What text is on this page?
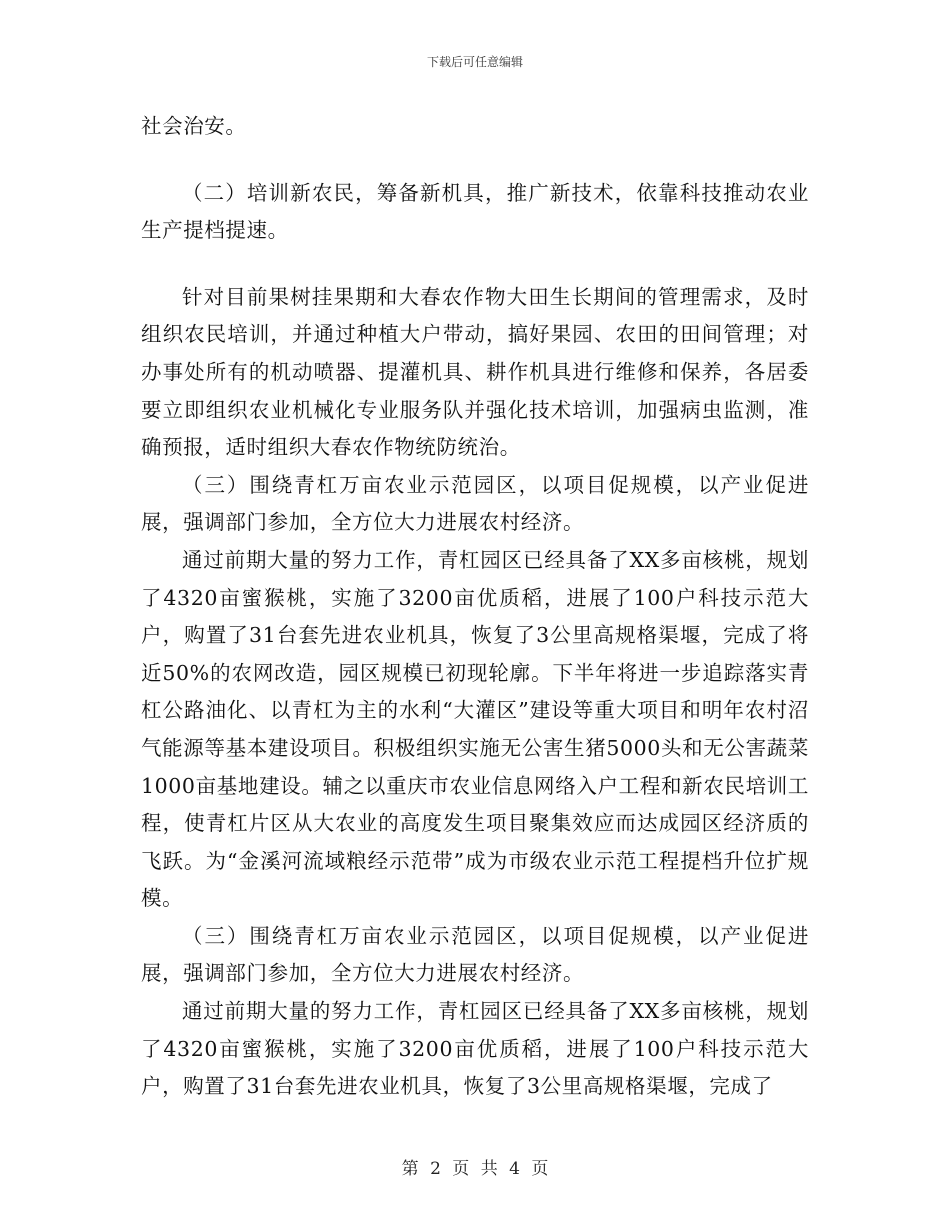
下载后可任意编辑

社会治安。

（二）培训新农民，筹备新机具，推广新技术，依靠科技推动农业生产提档提速。

针对目前果树挂果期和大春农作物大田生长期间的管理需求，及时组织农民培训，并通过种植大户带动，搞好果园、农田的田间管理；对办事处所有的机动喷器、提灌机具、耕作机具进行维修和保养，各居委要立即组织农业机械化专业服务队并强化技术培训，加强病虫监测，准确预报，适时组织大春农作物统防统治。

（三）围绕青杠万亩农业示范园区，以项目促规模，以产业促进展，强调部门参加，全方位大力进展农村经济。

通过前期大量的努力工作，青杠园区已经具备了XX多亩核桃，规划了4320亩蜜猴桃，实施了3200亩优质稻，进展了100户科技示范大户，购置了31台套先进农业机具，恢复了3公里高规格渠堰，完成了将近50%的农网改造，园区规模已初现轮廓。下半年将进一步追踪落实青杠公路油化、以青杠为主的水利“大灌区”建设等重大项目和明年农村沼气能源等基本建设项目。积极组织实施无公害生猪5000头和无公害蔬菜1000亩基地建设。辅之以重庆市农业信息网络入户工程和新农民培训工程，使青杠片区从大农业的高度发生项目聚集效应而达成园区经济质的飞跃。为“金溪河流域粮经示范带”成为市级农业示范工程提档升位扩规模。

（三）围绕青杠万亩农业示范园区，以项目促规模，以产业促进展，强调部门参加，全方位大力进展农村经济。

通过前期大量的努力工作，青杠园区已经具备了XX多亩核桃，规划了4320亩蜜猴桃，实施了3200亩优质稻，进展了100户科技示范大户，购置了31台套先进农业机具，恢复了3公里高规格渠堰，完成了

第 2 页 共 4 页
